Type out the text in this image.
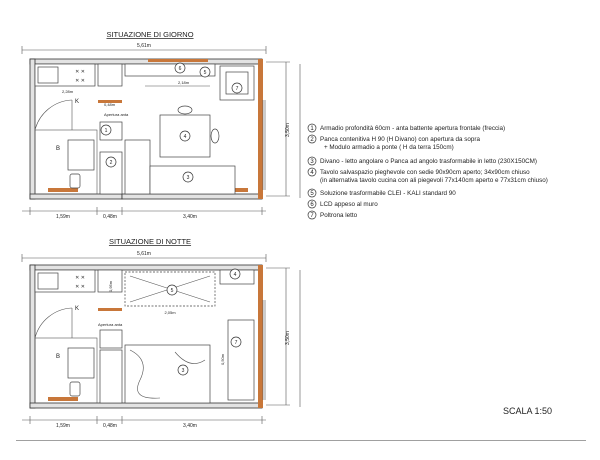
SITUAZIONE DI GIORNO
5,61m
✕ ✕
✕ ✕
2,28m
K
B
Apertura anta
0,48m
2,18m
3,50m
1
2
3
4
5
6
7
1,59m	0,48m	3,40m
SITUAZIONE DI NOTTE
5,61m
✕ ✕
✕ ✕
K
0,95m
B
Apertura anta
2,05m
0,50m
3,50m
3
4
5
7
1,59m	0,48m	3,40m
1 Armadio profondità 60cm - anta battente apertura frontale (freccia)
2 Panca contenitiva H 90 (H Divano) con apertura da sopra
+ Modulo armadio a ponte ( H da terra 150cm)
3 Divano - letto angolare o Panca ad angolo trasformabile in letto (230X150CM)
4 Tavolo salvaspazio pieghevole con sedie 90x90cm aperto; 34x90cm chiuso
(in alternativa tavolo cucina con ali piegevoli 77x140cm aperto e 77x31cm chiuso)
5 Soluzione trasformabile CLEI - KALI standard 90
6 LCD appeso al muro
7 Poltrona letto
SCALA 1:50
